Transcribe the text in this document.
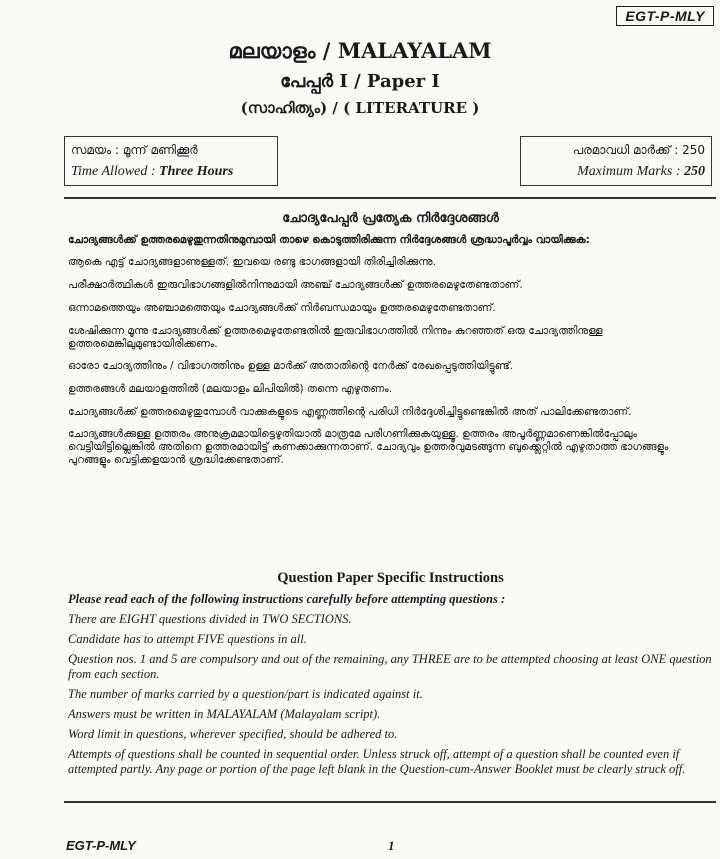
EGT-P-MLY
മലയാളം / MALAYALAM
പേപ്പർ I / Paper I
(സാഹിത്യം) / ( LITERATURE )
സമയം : മൂന്ന് മണിക്കൂർ
Time Allowed : Three Hours
പരമാവധി മാർക്ക് : 250
Maximum Marks : 250
ചോദ്യപേപ്പർ പ്രത്യേക നിർദ്ദേശങ്ങൾ

ചോദ്യങ്ങൾക്ക് ഉത്തരമെഴുതുന്നതിനുമുമ്പായി താഴെ കൊടുത്തിരിക്കുന്ന നിർദ്ദേശങ്ങൾ ശ്രദ്ധാപൂർവ്വം വായിക്കുക:

ആകെ എട്ട് ചോദ്യങ്ങളാണുള്ളത്. ഇവയെ രണ്ടു ഭാഗങ്ങളായി തിരിച്ചിരിക്കുന്നു.

പരീക്ഷാർത്ഥികൾ ഇരുവിഭാഗങ്ങളിൽനിന്നുമായി അഞ്ച് ചോദ്യങ്ങൾക്ക് ഉത്തരമെഴുതേണ്ടതാണ്.

ഒന്നാമത്തെയും അഞ്ചാമത്തെയും ചോദ്യങ്ങൾക്ക് നിർബന്ധമായും ഉത്തരമെഴുതേണ്ടതാണ്.

ശേഷിക്കുന്ന മൂന്നു ചോദ്യങ്ങൾക്ക് ഉത്തരമെഴുതേണ്ടതിൽ ഇരുവിഭാഗത്തിൽ നിന്നും കുറഞ്ഞത് ഒരു ചോദ്യത്തിനുള്ള ഉത്തരമെങ്കിലുമുണ്ടായിരിക്കണം.

ഓരോ ചോദ്യത്തിനും / വിഭാഗത്തിനും ഉള്ള മാർക്ക് അതാതിന്റെ നേർക്ക് രേഖപ്പെടുത്തിയിട്ടുണ്ട്.

ഉത്തരങ്ങൾ മലയാളത്തിൽ (മലയാളം ലിപിയിൽ) തന്നെ എഴുതണം.

ചോദ്യങ്ങൾക്ക് ഉത്തരമെഴുതുമ്പോൾ വാക്കുകളുടെ എണ്ണത്തിന്റെ പരിധി നിർദ്ദേശിച്ചിട്ടുണ്ടെങ്കിൽ അത് പാലിക്കേണ്ടതാണ്.

ചോദ്യങ്ങൾക്കുള്ള ഉത്തരം അനുക്രമമായിട്ടെഴുതിയാൽ മാത്രമേ പരിഗണിക്കുകയുള്ളൂ. ഉത്തരം അപൂർണ്ണമാണെങ്കിൽപ്പോലും വെട്ടിയിട്ടില്ലെങ്കിൽ അതിനെ ഉത്തരമായിട്ട് കണക്കാക്കുന്നതാണ്. ചോദ്യവും ഉത്തരവുമടങ്ങുന്ന ബുക്ക്ലെറ്റിൽ എഴുതാത്ത ഭാഗങ്ങളും പുറങ്ങളും വെട്ടിക്കളയാൻ ശ്രദ്ധിക്കേണ്ടതാണ്.

Question Paper Specific Instructions

Please read each of the following instructions carefully before attempting questions :

There are EIGHT questions divided in TWO SECTIONS.

Candidate has to attempt FIVE questions in all.

Question nos. 1 and 5 are compulsory and out of the remaining, any THREE are to be attempted choosing at least ONE question from each section.

The number of marks carried by a question/part is indicated against it.

Answers must be written in MALAYALAM (Malayalam script).

Word limit in questions, wherever specified, should be adhered to.

Attempts of questions shall be counted in sequential order. Unless struck off, attempt of a question shall be counted even if attempted partly. Any page or portion of the page left blank in the Question-cum-Answer Booklet must be clearly struck off.

EGT-P-MLY	1
